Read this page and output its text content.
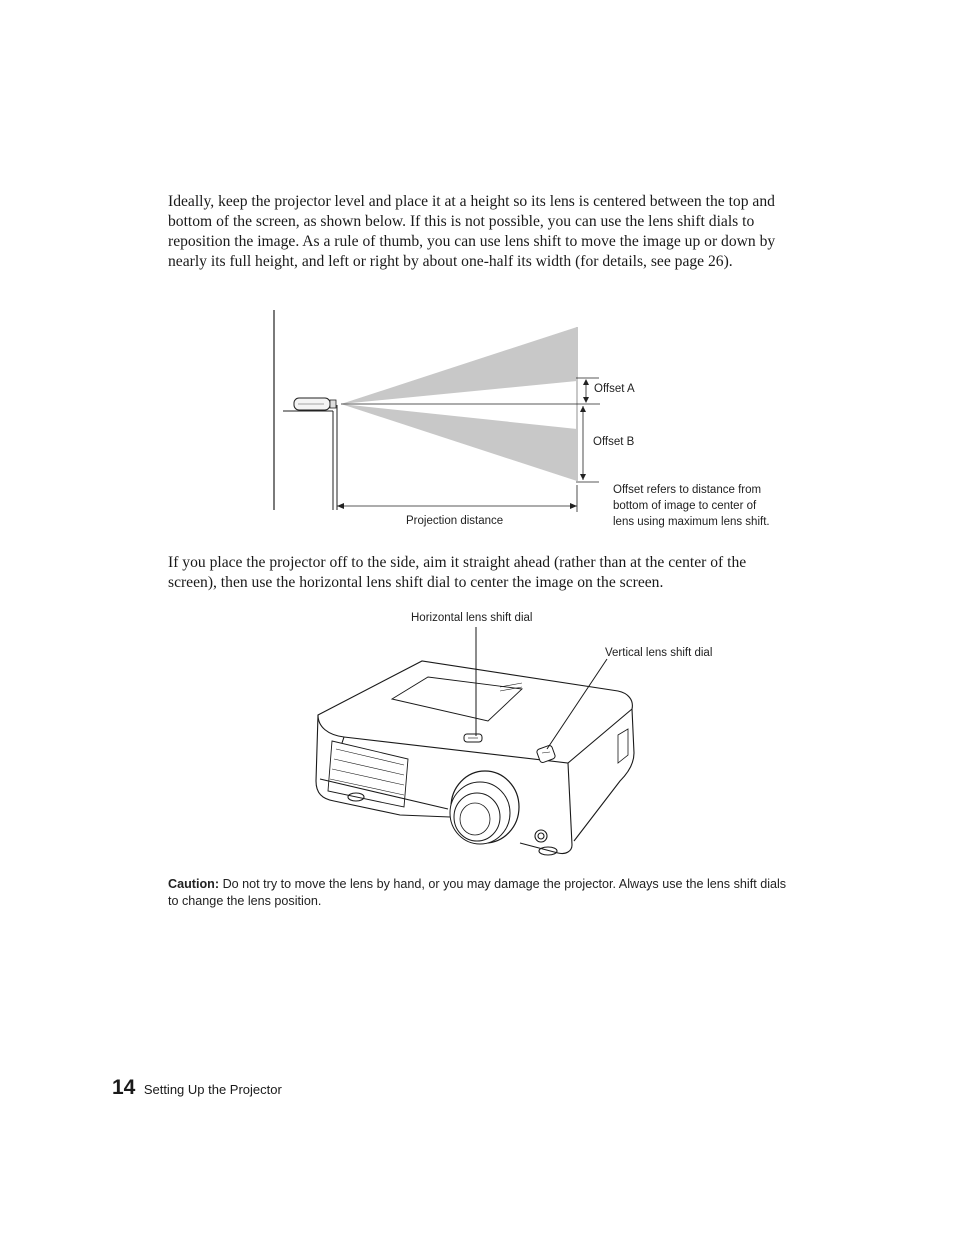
Ideally, keep the projector level and place it at a height so its lens is centered between the top and bottom of the screen, as shown below. If this is not possible, you can use the lens shift dials to reposition the image. As a rule of thumb, you can use lens shift to move the image up or down by nearly its full height, and left or right by about one-half its width (for details, see page 26).

Offset A
Offset B
Projection distance
Offset refers to distance from
bottom of image to center of
lens using maximum lens shift.

If you place the projector off to the side, aim it straight ahead (rather than at the center of the screen), then use the horizontal lens shift dial to center the image on the screen.

Horizontal lens shift dial
Vertical lens shift dial

Caution: Do not try to move the lens by hand, or you may damage the projector. Always use the lens shift dials to change the lens position.

14 Setting Up the Projector
